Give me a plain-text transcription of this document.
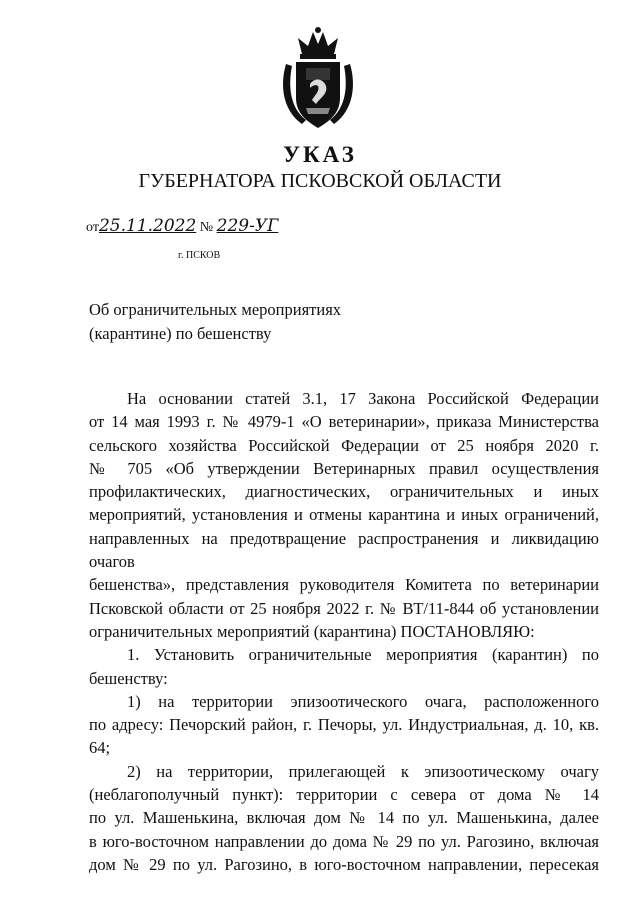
УКАЗ
ГУБЕРНАТОРА ПСКОВСКОЙ ОБЛАСТИ
от25.11.2022 № 229-УГ
г. ПСКОВ
Об ограничительных мероприятиях
(карантине) по бешенству

На основании статей 3.1, 17 Закона Российской Федерации
от 14 мая 1993 г. № 4979-1 «О ветеринарии», приказа Министерства
сельского хозяйства Российской Федерации от 25 ноября 2020 г.
№ 705 «Об утверждении Ветеринарных правил осуществления
профилактических, диагностических, ограничительных и иных
мероприятий, установления и отмены карантина и иных ограничений,
направленных на предотвращение распространения и ликвидацию очагов
бешенства», представления руководителя Комитета по ветеринарии
Псковской области от 25 ноября 2022 г. № ВТ/11-844 об установлении
ограничительных мероприятий (карантина) ПОСТАНОВЛЯЮ:

1. Установить ограничительные мероприятия (карантин) по
бешенству:

1) на территории эпизоотического очага, расположенного
по адресу: Печорский район, г. Печоры, ул. Индустриальная, д. 10, кв. 64;

2) на территории, прилегающей к эпизоотическому очагу
(неблагополучный пункт): территории с севера от дома № 14
по ул. Машенькина, включая дом № 14 по ул. Машенькина, далее
в юго-восточном направлении до дома № 29 по ул. Рагозино, включая
дом № 29 по ул. Рагозино, в юго-восточном направлении, пересекая
